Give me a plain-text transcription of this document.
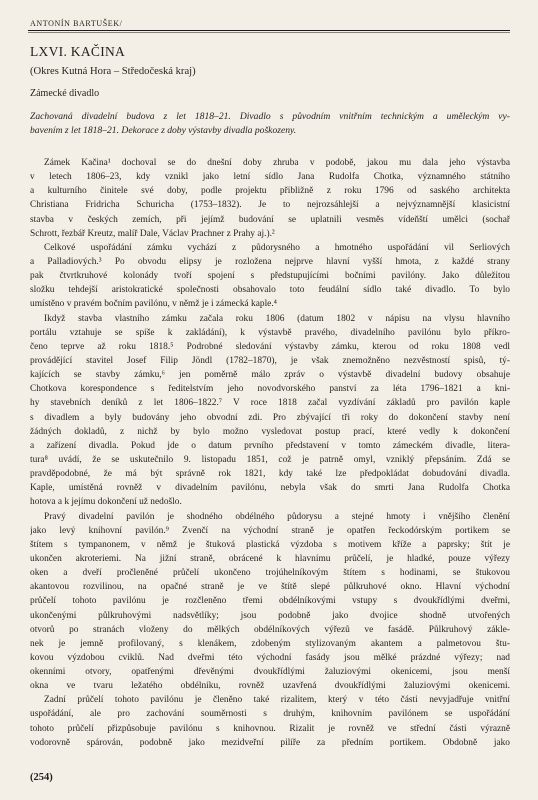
ANTONÍN BARTUŠEK/
LXVI. KAČINA
(Okres Kutná Hora – Středočeská kraj)
Zámecké divadlo
Zachovaná divadelní budova z let 1818–21. Divadlo s původním vnitřním technickým a uměleckým vy-
bavením z let 1818–21. Dekorace z doby výstavby divadla poškozeny.
Zámek Kačina¹ dochoval se do dnešní doby zhruba v podobě, jakou mu dala jeho výstavba
v letech 1806–23, kdy vznikl jako letní sídlo Jana Rudolfa Chotka, významného státního
a kulturního činitele své doby, podle projektu přibližně z roku 1796 od saského architekta
Christiana Fridricha Schuricha (1753–1832). Je to nejrozsáhlejší a nejvýznamnější klasicistní
stavba v českých zemích, při jejímž budování se uplatnili vesměs vídeňští umělci (sochař
Schrott, řezbář Kreutz, malíř Dale, Václav Prachner z Prahy aj.).²
Celkové uspořádání zámku vychází z půdorysného a hmotného uspořádání vil Serliových
a Palladiových.³ Po obvodu elipsy je rozložena nejprve hlavní vyšší hmota, z každé strany
pak čtvrtkruhové kolonády tvoří spojení s předstupujícími bočními pavilóny. Jako důležitou
složku tehdejší aristokratické společnosti obsahovalo toto feudální sídlo také divadlo. To bylo
umístěno v pravém bočním pavilónu, v němž je i zámecká kaple.⁴
Ikdyž stavba vlastního zámku začala roku 1806 (datum 1802 v nápisu na vlysu hlavního
portálu vztahuje se spíše k zakládání), k výstavbě pravého, divadelního pavilónu bylo příkro-
čeno teprve až roku 1818.⁵ Podrobné sledování výstavby zámku, kterou od roku 1808 vedl
provádějící stavitel Josef Filip Jöndl (1782–1870), je však znemožněno nezvěstností spisů, tý-
kajících se stavby zámku,⁶ jen poměrně málo zpráv o výstavbě divadelní budovy obsahuje
Chotkova korespondence s ředitelstvím jeho novodvorského panství za léta 1796–1821 a kni-
hy stavebních deníků z let 1806–1822.⁷ V roce 1818 začal vyzdívání základů pro pavilón kaple
s divadlem a byly budovány jeho obvodní zdi. Pro zbývající tři roky do dokončení stavby není
žádných dokladů, z nichž by bylo možno vysledovat postup prací, které vedly k dokončení
a zařízení divadla. Pokud jde o datum prvního představení v tomto zámeckém divadle, litera-
tura⁸ uvádí, že se uskutečnilo 9. listopadu 1851, což je patrně omyl, vzniklý přepsáním. Zdá se
pravděpodobné, že má být správně rok 1821, kdy také lze předpokládat dobudování divadla.
Kaple, umístěná rovněž v divadelním pavilónu, nebyla však do smrti Jana Rudolfa Chotka
hotova a k jejímu dokončení už nedošlo.
Pravý divadelní pavilón je shodného obdélného půdorysu a stejné hmoty i vnějšího členění
jako levý knihovní pavilón.⁹ Zvenčí na východní straně je opatřen řeckodórským portikem se
štítem s tympanonem, v němž je štuková plastická výzdoba s motivem kříže a paprsky; štít je
ukončen akroteriemi. Na jižní straně, obrácené k hlavnímu průčelí, je hladké, pouze výřezy
oken a dveří pročleněné průčelí ukončeno trojúhelníkovým štítem s hodinami, se štukovou
akantovou rozvilinou, na opačné straně je ve štítě slepé půlkruhové okno. Hlavní východní
průčelí tohoto pavilónu je rozčleněno třemi obdélníkovými vstupy s dvoukřídlými dveřmi,
ukončenými půlkruhovými nadsvětlíky; jsou podobně jako dvojice shodně utvořených
otvorů po stranách vloženy do mělkých obdélníkových výřezů ve fasádě. Půlkruhový zákle-
nek je jemně profilovaný, s klenákem, zdobeným stylizovaným akantem a palmetovou štu-
kovou výzdobou cviklů. Nad dveřmi této východní fasády jsou mělké prázdné výřezy; nad
okenními otvory, opatřenými dřevěnými dvoukřídlými žaluziovými okenicemi, jsou menší
okna ve tvaru ležatého obdélníku, rovněž uzavřená dvoukřídlými žaluziovými okenicemi.
Zadní průčelí tohoto pavilónu je členěno také rizalitem, který v této části nevyjadřuje vnitřní
uspořádání, ale pro zachování souměrnosti s druhým, knihovním pavilónem se uspořádání
tohoto průčelí přizpůsobuje pavilónu s knihovnou. Rizalit je rovněž ve střední části výrazně
vodorovně spárován, podobně jako mezidveřní pilíře za předním portikem. Obdobně jako
(254)
